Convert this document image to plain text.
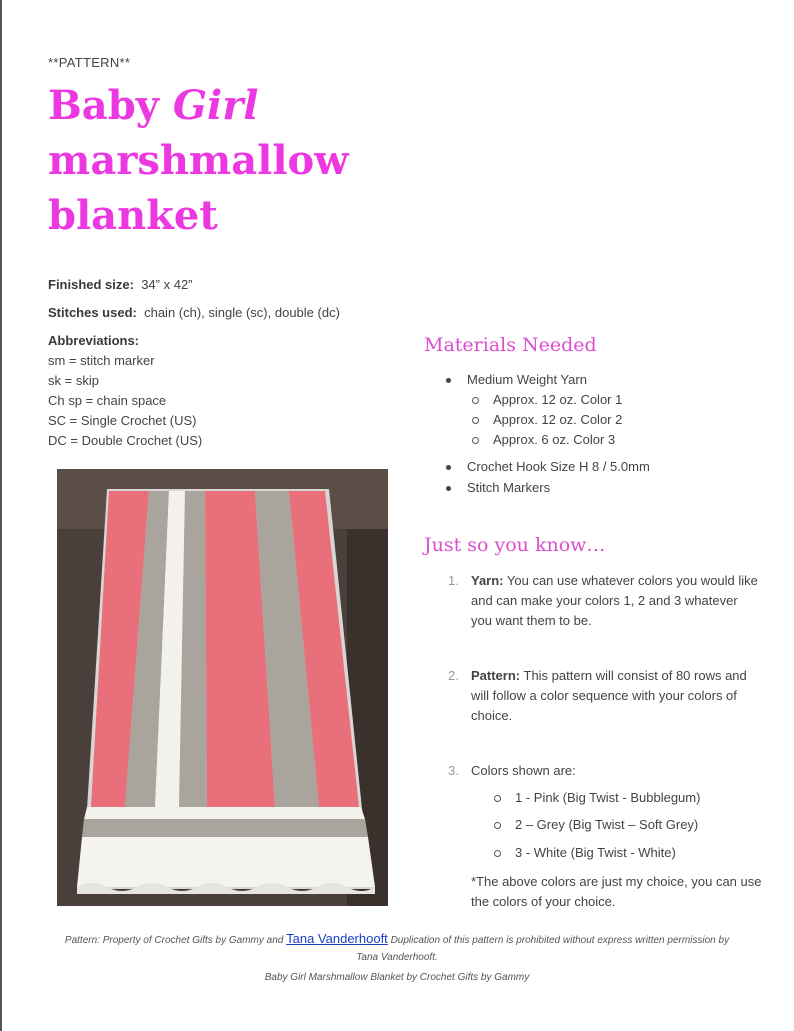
**PATTERN**
Baby Girl
marshmallow
blanket
Finished size: 34” x 42”
Stitches used: chain (ch), single (sc), double (dc)
Abbreviations:
sm = stitch marker
sk = skip
Ch sp = chain space
SC = Single Crochet (US)
DC = Double Crochet (US)
Materials Needed
Medium Weight Yarn
Approx. 12 oz. Color 1
Approx. 12 oz. Color 2
Approx. 6 oz. Color 3
Crochet Hook Size H 8 / 5.0mm
Stitch Markers
Just so you know…
1. Yarn: You can use whatever colors you would like and can make your colors 1, 2 and 3 whatever you want them to be.
2. Pattern: This pattern will consist of 80 rows and will follow a color sequence with your colors of choice.
3. Colors shown are:
1 - Pink (Big Twist - Bubblegum)
2 – Grey (Big Twist – Soft Grey)
3 - White (Big Twist - White)
*The above colors are just my choice, you can use the colors of your choice.
Pattern: Property of Crochet Gifts by Gammy and Tana Vanderhooft Duplication of this pattern is prohibited without express written permission by Tana Vanderhooft.
Baby Girl Marshmallow Blanket by Crochet Gifts by Gammy
